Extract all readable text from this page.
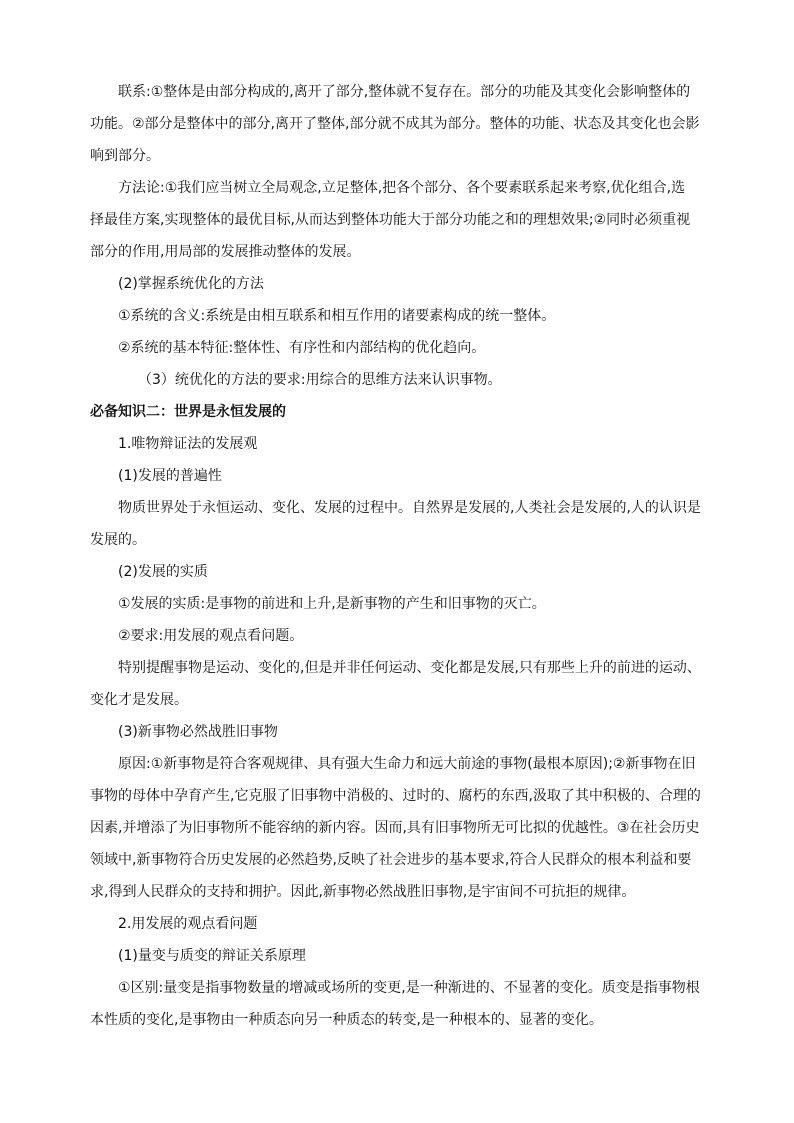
联系:①整体是由部分构成的,离开了部分,整体就不复存在。部分的功能及其变化会影响整体的
功能。②部分是整体中的部分,离开了整体,部分就不成其为部分。整体的功能、状态及其变化也会影
响到部分。
方法论:①我们应当树立全局观念,立足整体,把各个部分、各个要素联系起来考察,优化组合,选
择最佳方案,实现整体的最优目标,从而达到整体功能大于部分功能之和的理想效果;②同时必须重视
部分的作用,用局部的发展推动整体的发展。
(2)掌握系统优化的方法
①系统的含义:系统是由相互联系和相互作用的诸要素构成的统一整体。
②系统的基本特征:整体性、有序性和内部结构的优化趋向。
（3）统优化的方法的要求:用综合的思维方法来认识事物。
必备知识二：世界是永恒发展的
1.唯物辩证法的发展观
(1)发展的普遍性
物质世界处于永恒运动、变化、发展的过程中。自然界是发展的,人类社会是发展的,人的认识是
发展的。
(2)发展的实质
①发展的实质:是事物的前进和上升,是新事物的产生和旧事物的灭亡。
②要求:用发展的观点看问题。
特别提醒事物是运动、变化的,但是并非任何运动、变化都是发展,只有那些上升的前进的运动、
变化才是发展。
(3)新事物必然战胜旧事物
原因:①新事物是符合客观规律、具有强大生命力和远大前途的事物(最根本原因);②新事物在旧
事物的母体中孕育产生,它克服了旧事物中消极的、过时的、腐朽的东西,汲取了其中积极的、合理的
因素,并增添了为旧事物所不能容纳的新内容。因而,具有旧事物所无可比拟的优越性。③在社会历史
领域中,新事物符合历史发展的必然趋势,反映了社会进步的基本要求,符合人民群众的根本利益和要
求,得到人民群众的支持和拥护。因此,新事物必然战胜旧事物,是宇宙间不可抗拒的规律。
2.用发展的观点看问题
(1)量变与质变的辩证关系原理
①区别:量变是指事物数量的增减或场所的变更,是一种渐进的、不显著的变化。质变是指事物根
本性质的变化,是事物由一种质态向另一种质态的转变,是一种根本的、显著的变化。
